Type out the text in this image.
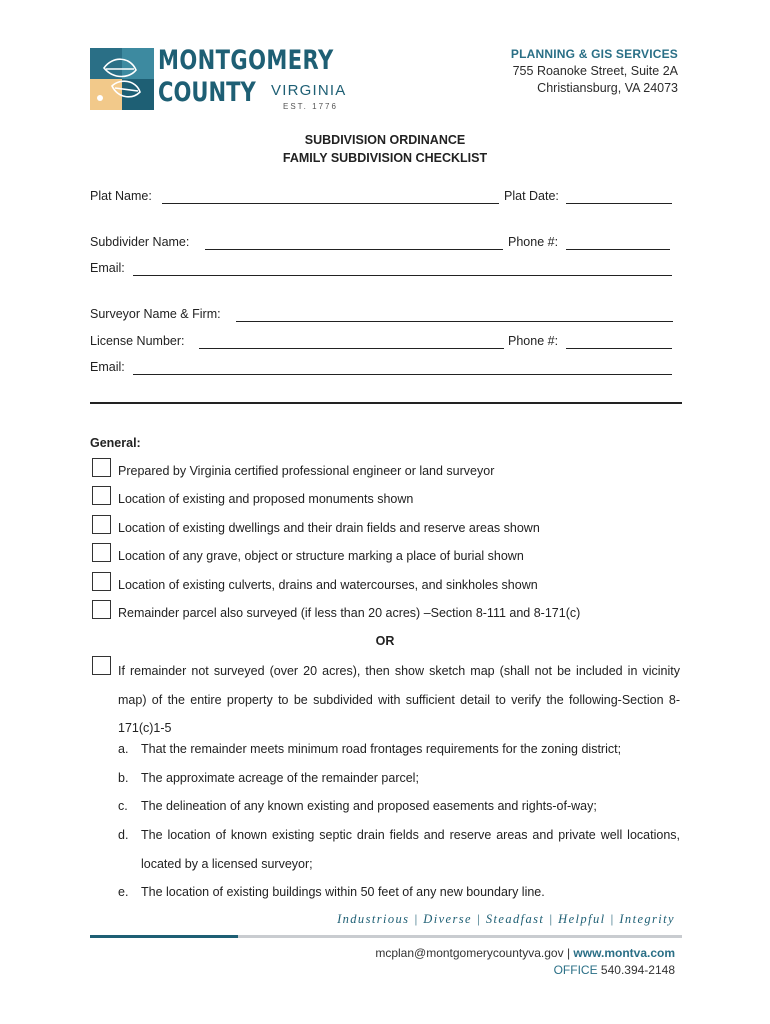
MONTGOMERY
COUNTY VIRGINIA
EST. 1776
PLANNING & GIS SERVICES
755 Roanoke Street, Suite 2A
Christiansburg, VA 24073
SUBDIVISION ORDINANCE
FAMILY SUBDIVISION CHECKLIST
Plat Name:	Plat Date:
Subdivider Name:	Phone #:
Email:
Surveyor Name & Firm:
License Number:	Phone #:
Email:
General:
Prepared by Virginia certified professional engineer or land surveyor
Location of existing and proposed monuments shown
Location of existing dwellings and their drain fields and reserve areas shown
Location of any grave, object or structure marking a place of burial shown
Location of existing culverts, drains and watercourses, and sinkholes shown
Remainder parcel also surveyed (if less than 20 acres) –Section 8-111 and 8-171(c)
OR
If remainder not surveyed (over 20 acres), then show sketch map (shall not be included in vicinity map) of the entire property to be subdivided with sufficient detail to verify the following-Section 8-171(c)1-5
a. That the remainder meets minimum road frontages requirements for the zoning district;
b. The approximate acreage of the remainder parcel;
c. The delineation of any known existing and proposed easements and rights-of-way;
d. The location of known existing septic drain fields and reserve areas and private well locations, located by a licensed surveyor;
e. The location of existing buildings within 50 feet of any new boundary line.
Industrious | Diverse | Steadfast | Helpful | Integrity
mcplan@montgomerycountyva.gov | www.montva.com
OFFICE 540.394-2148
